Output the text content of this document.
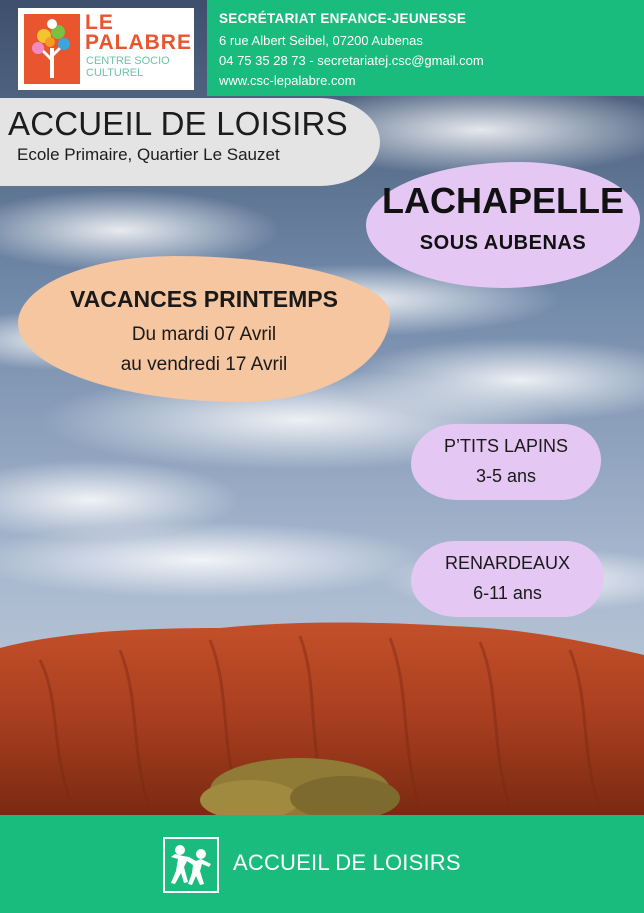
LE
PALABRE
CENTRE SOCIO
CULTUREL
SECRÉTARIAT ENFANCE-JEUNESSE
6 rue Albert Seibel, 07200 Aubenas
04 75 35 28 73 - secretariatej.csc@gmail.com
www.csc-lepalabre.com
ACCUEIL DE LOISIRS
Ecole Primaire, Quartier Le Sauzet
LACHAPELLE
SOUS AUBENAS
VACANCES PRINTEMPS
Du mardi 07 Avril
au vendredi 17 Avril
P’TITS LAPINS
3-5 ans
RENARDEAUX
6-11 ans
ACCUEIL DE LOISIRS
